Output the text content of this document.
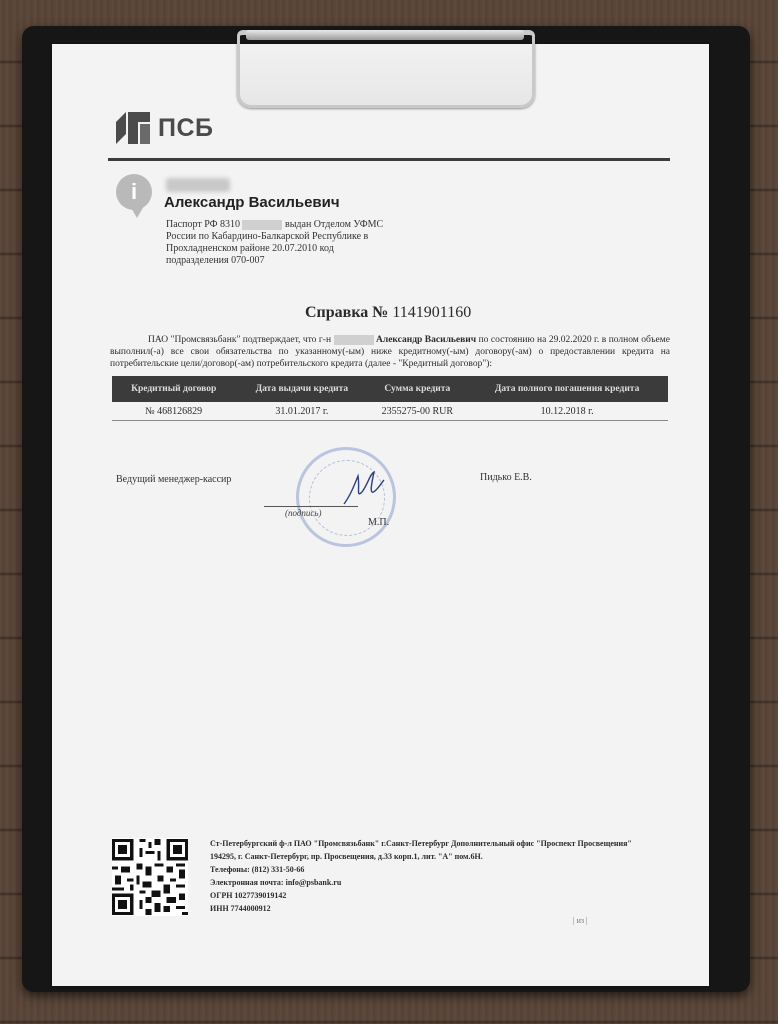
ПСБ
i	Александр Васильевич
Паспорт РФ 8310	выдан Отделом УФМС
России по Кабардино-Балкарской Республике в
Прохладненском районе 20.07.2010 код
подразделения 070-007
Справка № 1141901160
ПАО "Промсвязьбанк" подтверждает, что г-н	Александр Васильевич по состоянию на 29.02.2020 г. в полном объеме выполнил(-а) все свои обязательства по указанному(-ым) ниже кредитному(-ым) договору(-ам) о предоставлении кредита на потребительские цели/договор(-ам) потребительского кредита (далее - "Кредитный договор"):
Кредитный договор	Дата выдачи кредита	Сумма кредита	Дата полного погашения кредита
№ 468126829	31.01.2017 г.	2355275-00 RUR	10.12.2018 г.
Ведущий менеджер-кассир	Пидько Е.В.
(подпись)
М.П.
Ст-Петербургский ф-л ПАО "Промсвязьбанк" г.Санкт-Петербург Дополнительный офис "Проспект Просвещения"
194295, г. Санкт-Петербург, пр. Просвещения, д.33 корп.1, лит. "А" пом.6Н.
Телефоны: (812) 331-50-66
Электронная почта: info@psbank.ru
ОГРН 1027739019142
ИНН 7744000912
| из |
